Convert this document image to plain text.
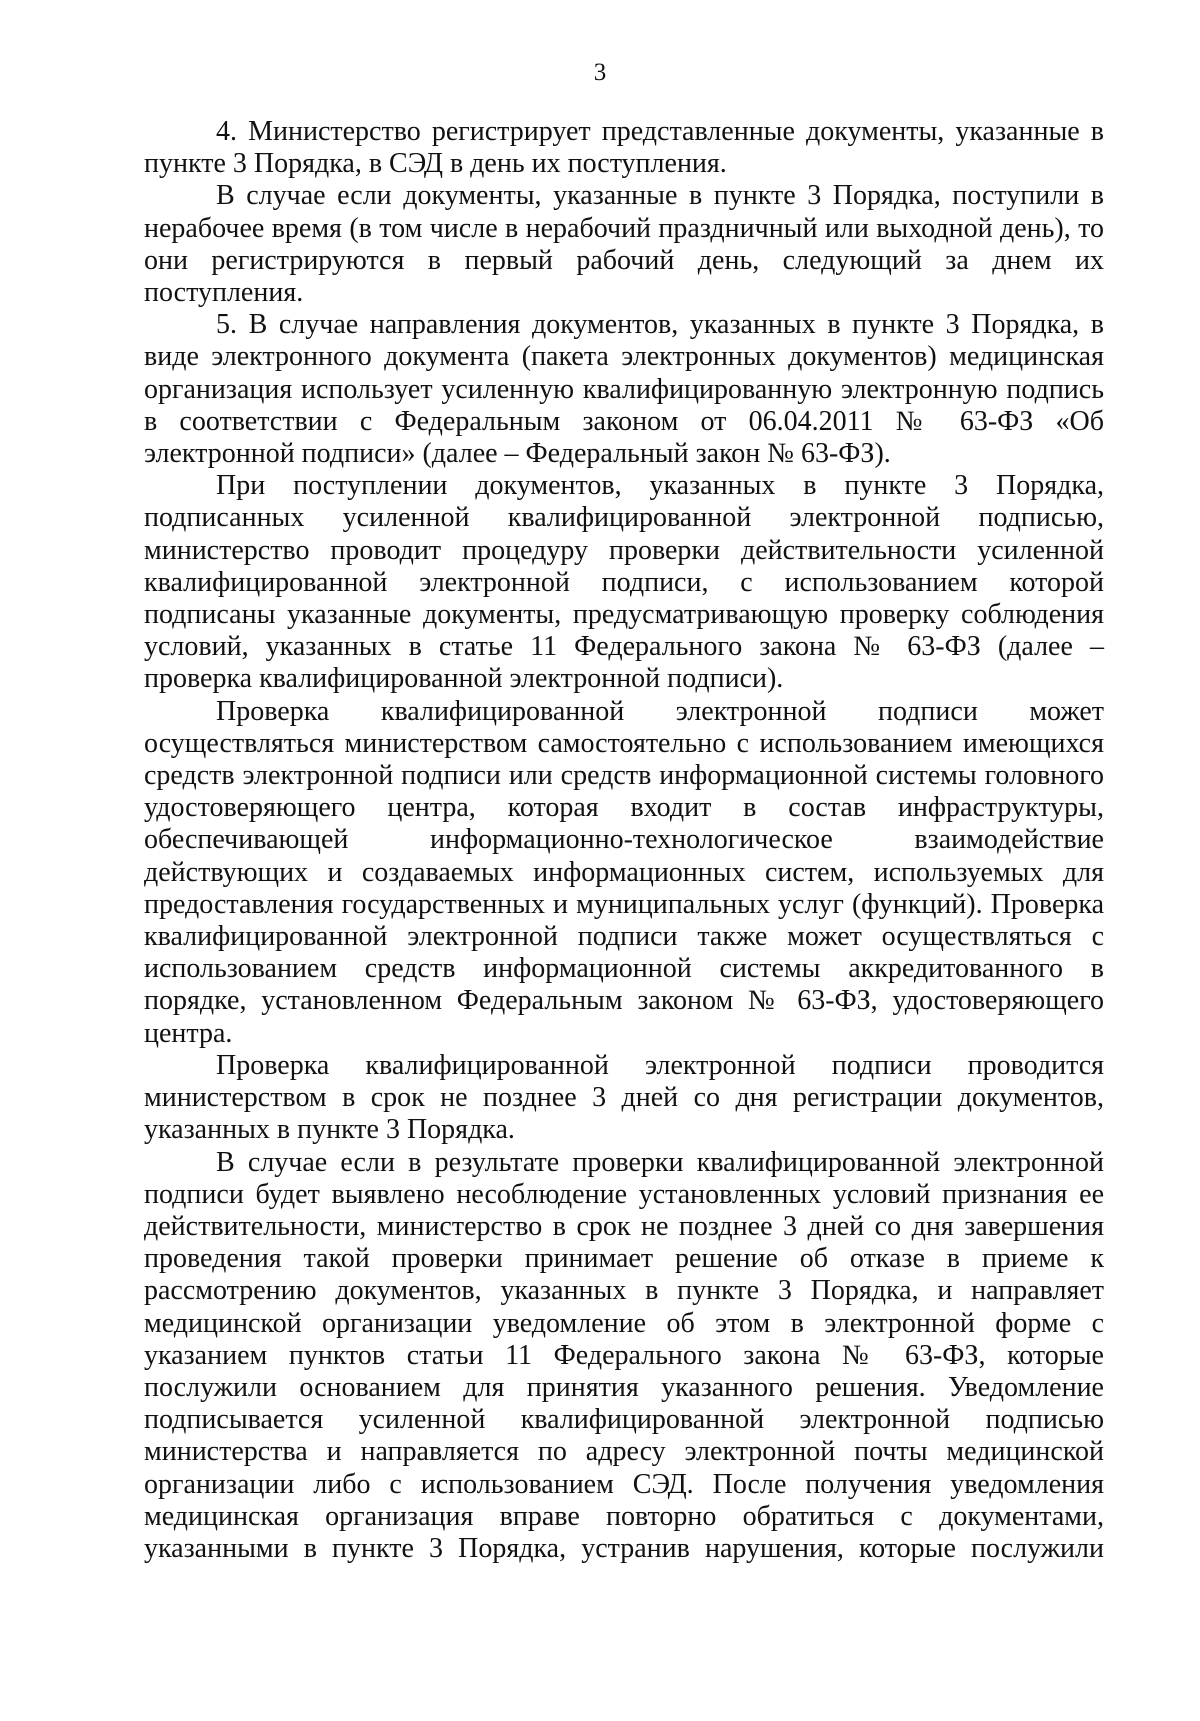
3

4. Министерство регистрирует представленные документы, указанные в пункте 3 Порядка, в СЭД в день их поступления.

В случае если документы, указанные в пункте 3 Порядка, поступили в нерабочее время (в том числе в нерабочий праздничный или выходной день), то они регистрируются в первый рабочий день, следующий за днем их поступления.

5. В случае направления документов, указанных в пункте 3 Порядка, в виде электронного документа (пакета электронных документов) медицинская организация использует усиленную квалифицированную электронную подпись в соответствии с Федеральным законом от 06.04.2011 № 63-ФЗ «Об электронной подписи» (далее – Федеральный закон № 63-ФЗ).

При поступлении документов, указанных в пункте 3 Порядка, подписанных усиленной квалифицированной электронной подписью, министерство проводит процедуру проверки действительности усиленной квалифицированной электронной подписи, с использованием которой подписаны указанные документы, предусматривающую проверку соблюдения условий, указанных в статье 11 Федерального закона № 63-ФЗ (далее – проверка квалифицированной электронной подписи).

Проверка квалифицированной электронной подписи может осуществляться министерством самостоятельно с использованием имеющихся средств электронной подписи или средств информационной системы головного удостоверяющего центра, которая входит в состав инфраструктуры, обеспечивающей информационно-технологическое взаимодействие действующих и создаваемых информационных систем, используемых для предоставления государственных и муниципальных услуг (функций). Проверка квалифицированной электронной подписи также может осуществляться с использованием средств информационной системы аккредитованного в порядке, установленном Федеральным законом № 63-ФЗ, удостоверяющего центра.

Проверка квалифицированной электронной подписи проводится министерством в срок не позднее 3 дней со дня регистрации документов, указанных в пункте 3 Порядка.

В случае если в результате проверки квалифицированной электронной подписи будет выявлено несоблюдение установленных условий признания ее действительности, министерство в срок не позднее 3 дней со дня завершения проведения такой проверки принимает решение об отказе в приеме к рассмотрению документов, указанных в пункте 3 Порядка, и направляет медицинской организации уведомление об этом в электронной форме с указанием пунктов статьи 11 Федерального закона № 63-ФЗ, которые послужили основанием для принятия указанного решения. Уведомление подписывается усиленной квалифицированной электронной подписью министерства и направляется по адресу электронной почты медицинской организации либо с использованием СЭД. После получения уведомления медицинская организация вправе повторно обратиться с документами, указанными в пункте 3 Порядка, устранив нарушения, которые послужили
